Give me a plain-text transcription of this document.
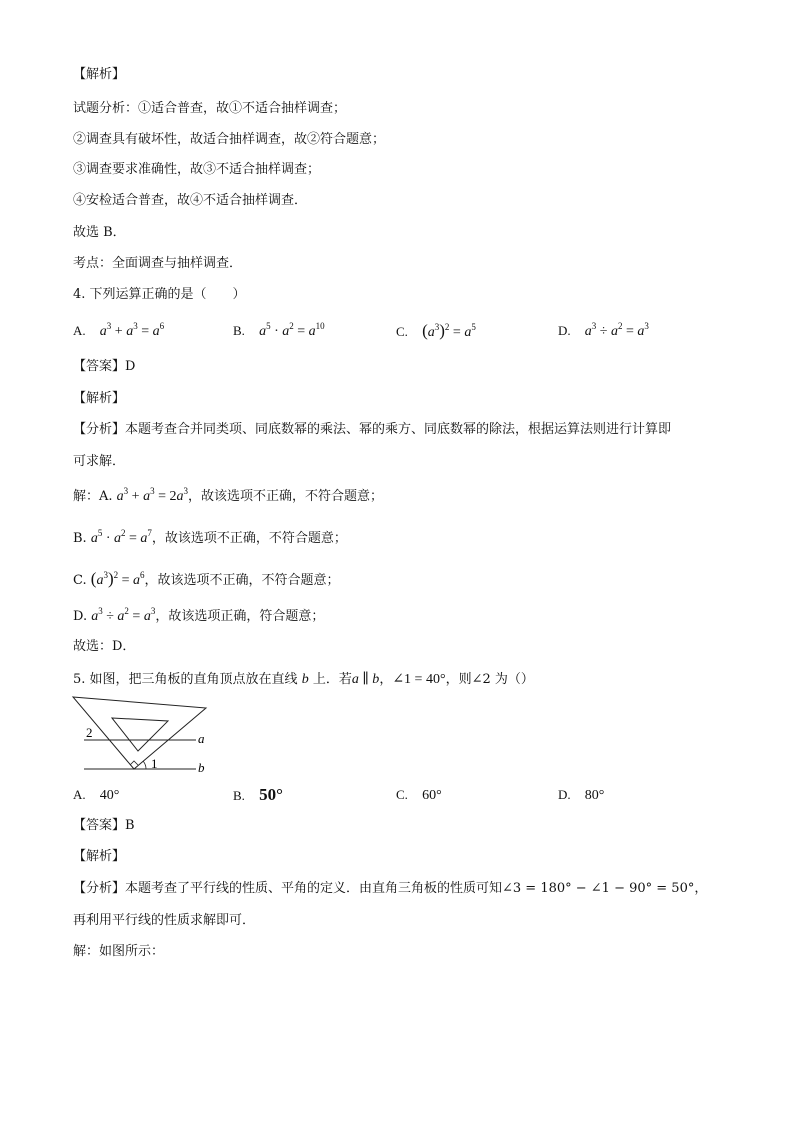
【解析】
试题分析：①适合普查，故①不适合抽样调查；
②调查具有破坏性，故适合抽样调查，故②符合题意；
③调查要求准确性，故③不适合抽样调查；
④安检适合普查，故④不适合抽样调查．
故选 B．
考点：全面调查与抽样调查．
4. 下列运算正确的是（　　）
A. $a^3 + a^3 = a^6$	B. $a^5 \cdot a^2 = a^{10}$	C. $(a^3)^2 = a^5$	D. $a^3 \div a^2 = a^3$
【答案】D
【解析】
【分析】本题考查合并同类项、同底数幂的乘法、幂的乘方、同底数幂的除法，根据运算法则进行计算即
可求解．
解：A. $a^3 + a^3 = 2a^3$，故该选项不正确，不符合题意；
B. $a^5 \cdot a^2 = a^7$，故该选项不正确，不符合题意；
C. $(a^3)^2 = a^6$，故该选项不正确，不符合题意；
D. $a^3 \div a^2 = a^3$，故该选项正确，符合题意；
故选：D．
5. 如图，把三角板的直角顶点放在直线 b 上．若a ∥ b，∠1 = 40°，则∠2 为（）
2
1
a
b
A. 40°	B. 50°	C. 60°	D. 80°
【答案】B
【解析】
【分析】本题考查了平行线的性质、平角的定义．由直角三角板的性质可知∠3 = 180° − ∠1 − 90° = 50°，
再利用平行线的性质求解即可．
解：如图所示：
